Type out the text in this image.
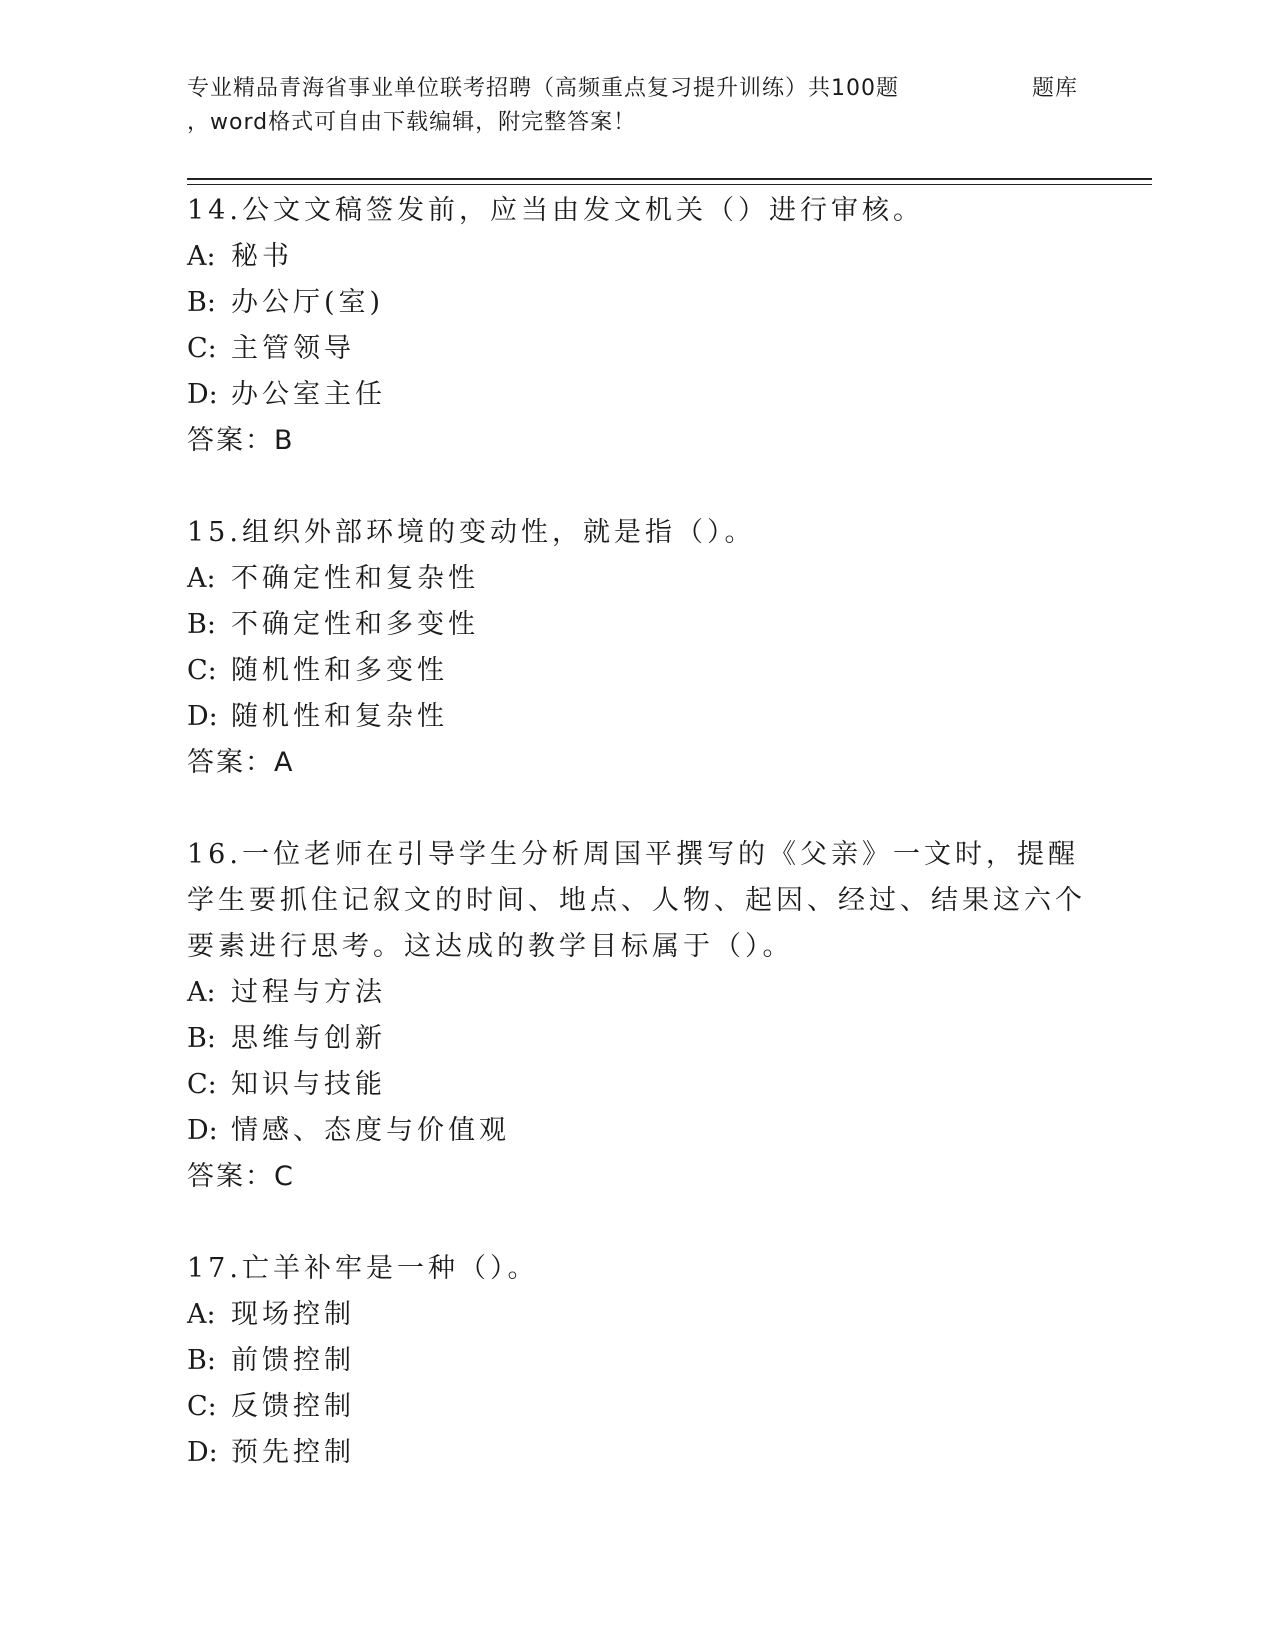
专业精品青海省事业单位联考招聘（高频重点复习提升训练）共100题	题库
，word格式可自由下载编辑，附完整答案！

14.公文文稿签发前，应当由发文机关（）进行审核。

A: 秘书

B: 办公厅(室)

C: 主管领导

D: 办公室主任

答案：B

15.组织外部环境的变动性，就是指（）。

A: 不确定性和复杂性

B: 不确定性和多变性

C: 随机性和多变性

D: 随机性和复杂性

答案：A

16.一位老师在引导学生分析周国平撰写的《父亲》一文时，提醒学生要抓住记叙文的时间、地点、人物、起因、经过、结果这六个要素进行思考。这达成的教学目标属于（）。

A: 过程与方法

B: 思维与创新

C: 知识与技能

D: 情感、态度与价值观

答案：C

17.亡羊补牢是一种（）。

A: 现场控制

B: 前馈控制

C: 反馈控制

D: 预先控制
